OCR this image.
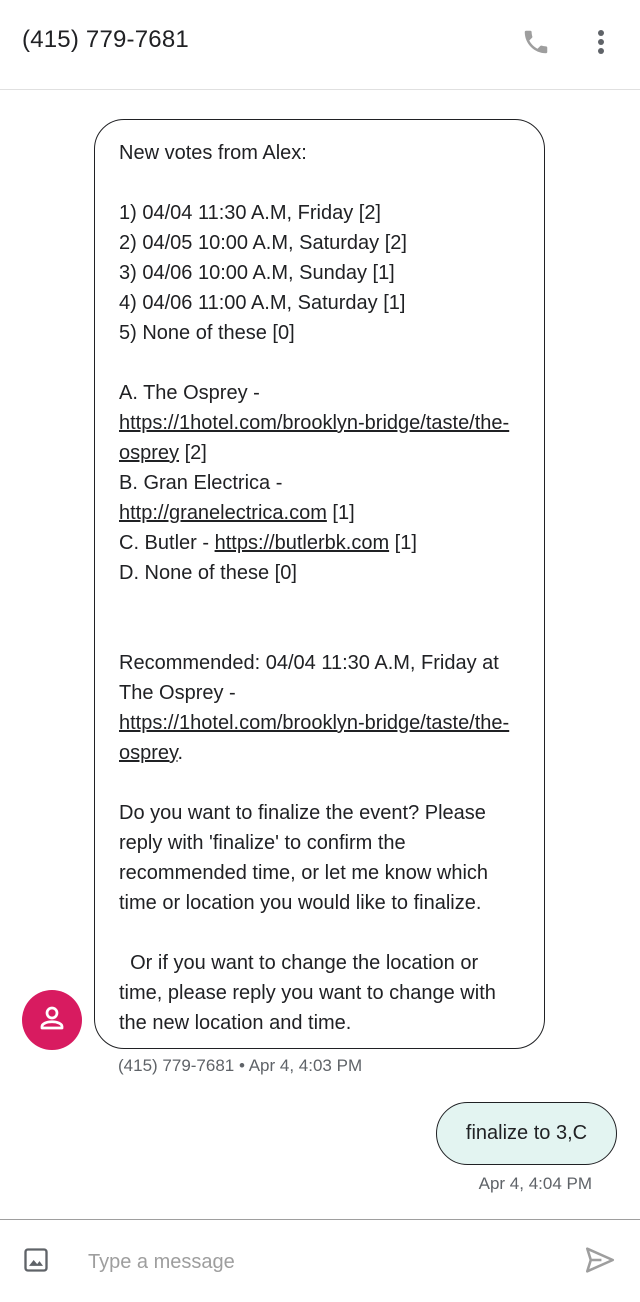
(415) 779-7681
New votes from Alex:

1) 04/04 11:30 A.M, Friday [2]
2) 04/05 10:00 A.M, Saturday [2]
3) 04/06 10:00 A.M, Sunday [1]
4) 04/06 11:00 A.M, Saturday [1]
5) None of these [0]

A. The Osprey -
https://1hotel.com/brooklyn-bridge/taste/the-osprey [2]
B. Gran Electrica -
http://granelectrica.com [1]
C. Butler - https://butlerbk.com [1]
D. None of these [0]

Recommended: 04/04 11:30 A.M, Friday at The Osprey -
https://1hotel.com/brooklyn-bridge/taste/the-osprey.

Do you want to finalize the event? Please reply with 'finalize' to confirm the recommended time, or let me know which time or location you would like to finalize.

Or if you want to change the location or time, please reply you want to change with the new location and time.
(415) 779-7681 • Apr 4, 4:03 PM
finalize to 3,C
Apr 4, 4:04 PM
Type a message
